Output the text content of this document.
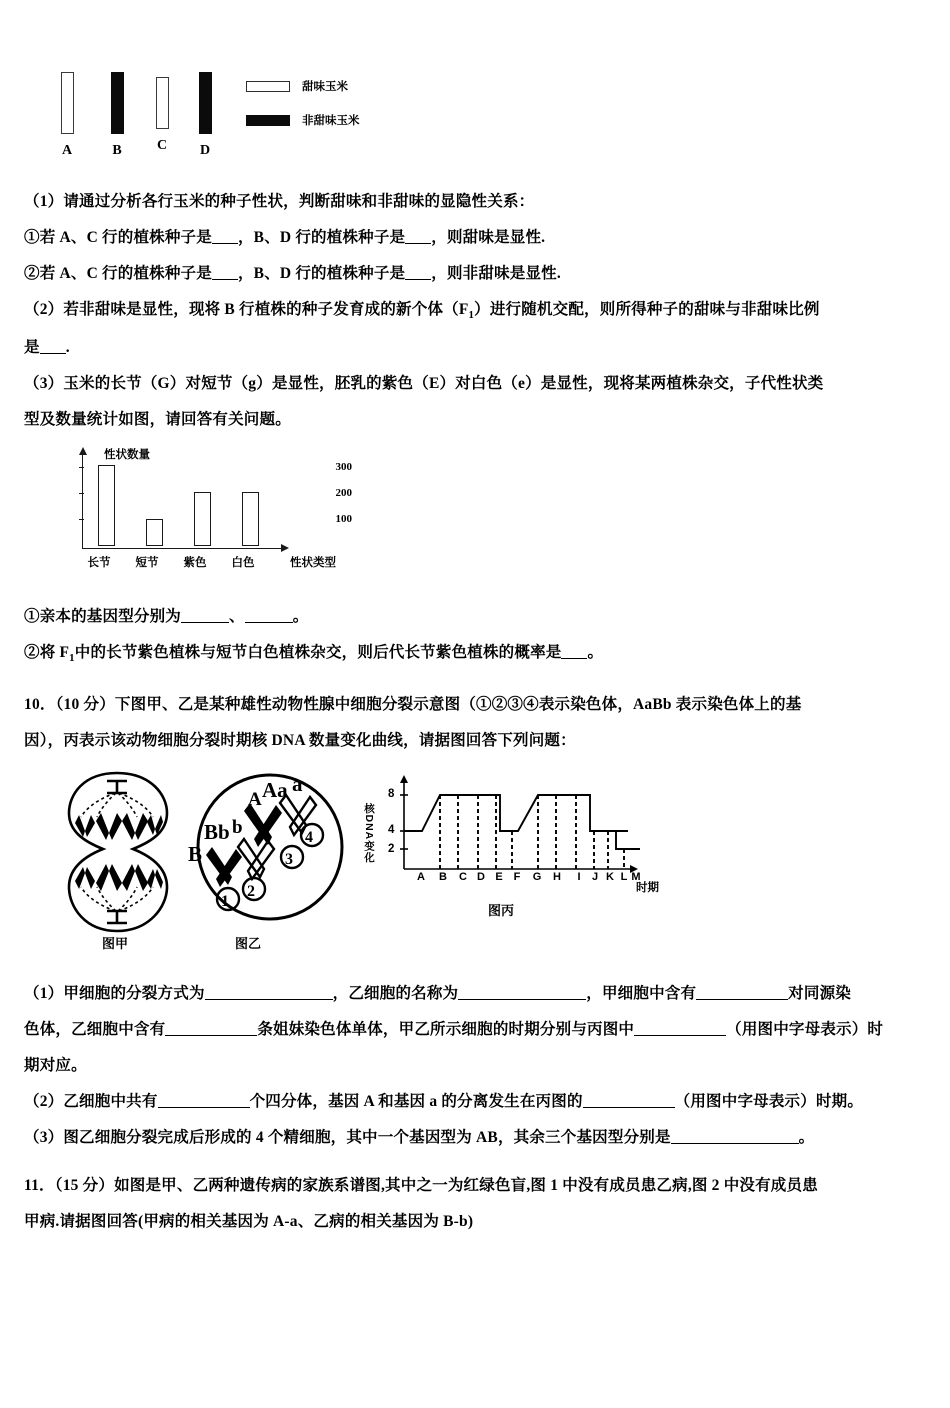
A	B	C	D
甜味玉米
非甜味玉米

（1）请通过分析各行玉米的种子性状，判断甜味和非甜味的显隐性关系：

①若 A、C 行的植株种子是 ，B、D 行的植株种子是 ，则甜味是显性.

②若 A、C 行的植株种子是 ，B、D 行的植株种子是 ，则非甜味是显性.

（2）若非甜味是显性，现将 B 行植株的种子发育成的新个体$(F_1)$进行随机交配，则所得种子的甜味与非甜味比例

是 .

（3）玉米的长节（G）对短节（g）是显性，胚乳的紫色（E）对白色（e）是显性，现将某两植株杂交，子代性状类

型及数量统计如图，请回答有关问题。

性状数量
300
200
100
长节	短节	紫色	白色	性状类型

①亲本的基因型分别为	、	。

②将 $F_1$中的长节紫色植株与短节白色植株杂交，则后代长节紫色植株的概率是 。

10．（10 分）下图甲、乙是某种雄性动物性腺中细胞分裂示意图（①②③④表示染色体，AaBb 表示染色体上的基

因），丙表示该动物细胞分裂时期核 DNA 数量变化曲线，请据图回答下列问题：

图甲
B
Bb b
A Aa a
1
2
3
4
图乙
核DNA变化
8
4
2
A B C D E F	G H	I	J K L M
时期
图丙

（1）甲细胞的分裂方式为	，乙细胞的名称为	，甲细胞中含有	对同源染

色体，乙细胞中含有	条姐妹染色体单体，甲乙所示细胞的时期分别与丙图中	（用图中字母表示）时

期对应。

（2）乙细胞中共有	个四分体，基因 A 和基因 a 的分离发生在丙图的	（用图中字母表示）时期。

（3）图乙细胞分裂完成后形成的 4 个精细胞，其中一个基因型为 AB，其余三个基因型分别是	。

11．（15 分）如图是甲、乙两种遗传病的家族系谱图,其中之一为红绿色盲,图 1 中没有成员患乙病,图 2 中没有成员患

甲病.请据图回答(甲病的相关基因为 A-a、乙病的相关基因为 B-b)
